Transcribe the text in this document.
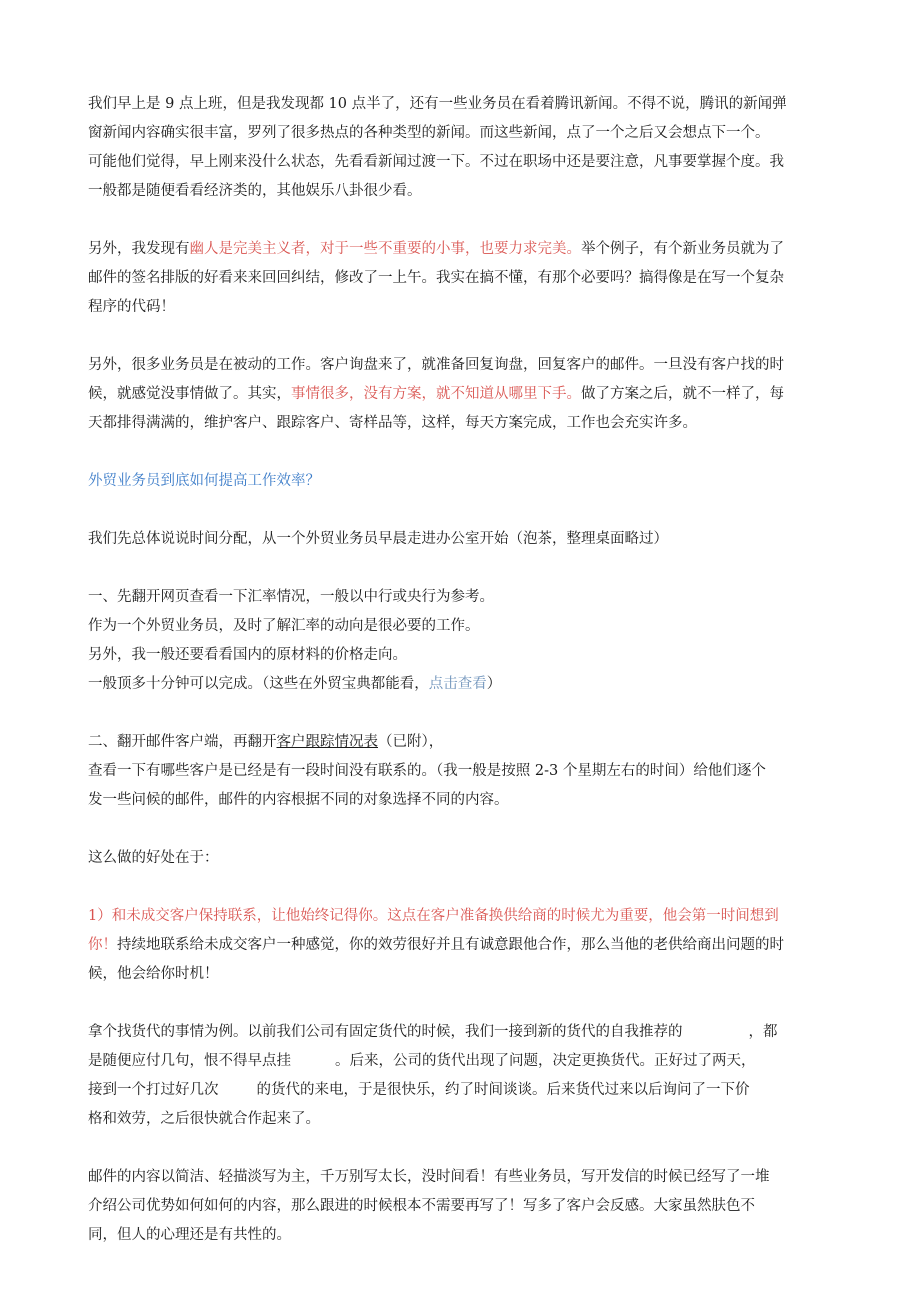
我们早上是 9 点上班，但是我发现都 10 点半了，还有一些业务员在看着腾讯新闻。不得不说，腾讯的新闻弹
窗新闻内容确实很丰富，罗列了很多热点的各种类型的新闻。而这些新闻，点了一个之后又会想点下一个。
可能他们觉得，早上刚来没什么状态，先看看新闻过渡一下。不过在职场中还是要注意，凡事要掌握个度。我
一般都是随便看看经济类的，其他娱乐八卦很少看。
另外，我发现有幽人是完美主义者，对于一些不重要的小事，也要力求完美。举个例子，有个新业务员就为了
邮件的签名排版的好看来来回回纠结，修改了一上午。我实在搞不懂，有那个必要吗？搞得像是在写一个复杂
程序的代码！
另外，很多业务员是在被动的工作。客户询盘来了，就准备回复询盘，回复客户的邮件。一旦没有客户找的时
候，就感觉没事情做了。其实，事情很多，没有方案，就不知道从哪里下手。做了方案之后，就不一样了，每
天都排得满满的，维护客户、跟踪客户、寄样品等，这样，每天方案完成，工作也会充实许多。
外贸业务员到底如何提高工作效率？
我们先总体说说时间分配，从一个外贸业务员早晨走进办公室开始（泡茶，整理桌面略过）
一、先翻开网页查看一下汇率情况，一般以中行或央行为参考。
作为一个外贸业务员，及时了解汇率的动向是很必要的工作。
另外，我一般还要看看国内的原材料的价格走向。
一般顶多十分钟可以完成。（这些在外贸宝典都能看，点击查看）
二、翻开邮件客户端，再翻开客户跟踪情况表（已附），
查看一下有哪些客户是已经是有一段时间没有联系的。（我一般是按照 2-3 个星期左右的时间）给他们逐个
发一些问候的邮件，邮件的内容根据不同的对象选择不同的内容。
这么做的好处在于：
1）和未成交客户保持联系，让他始终记得你。这点在客户准备换供给商的时候尤为重要，他会第一时间想到
你！持续地联系给未成交客户一种感觉，你的效劳很好并且有诚意跟他合作，那么当他的老供给商出问题的时
候，他会给你时机！
拿个找货代的事情为例。以前我们公司有固定货代的时候，我们一接到新的货代的自我推荐的	，都
是随便应付几句，恨不得早点挂	。后来，公司的货代出现了问题，决定更换货代。正好过了两天，
接到一个打过好几次	的货代的来电，于是很快乐，约了时间谈谈。后来货代过来以后询问了一下价
格和效劳，之后很快就合作起来了。
邮件的内容以简洁、轻描淡写为主，千万别写太长，没时间看！有些业务员，写开发信的时候已经写了一堆
介绍公司优势如何如何的内容，那么跟进的时候根本不需要再写了！写多了客户会反感。大家虽然肤色不
同，但人的心理还是有共性的。
